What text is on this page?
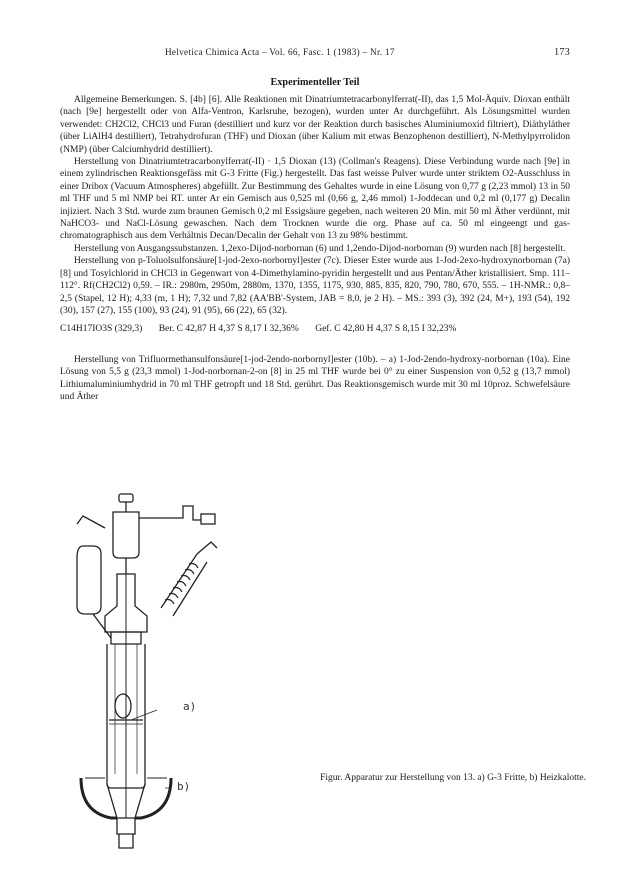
Helvetica Chimica Acta – Vol. 66, Fasc. 1 (1983) – Nr. 17	173
Experimenteller Teil

Allgemeine Bemerkungen. S. [4b] [6]. Alle Reaktionen mit Dinatriumtetracarbonylferrat(-II), das 1,5 Mol-Äquiv. Dioxan enthält (nach [9e] hergestellt oder von Alfa-Ventron, Karlsruhe, bezogen), wurden unter Ar durchgeführt. Als Lösungsmittel wurden verwendet: CH2Cl2, CHCl3 und Furan (destilliert und kurz vor der Reaktion durch basisches Aluminiumoxid filtriert), Diäthyläther (über LiAlH4 destilliert), Tetrahydrofuran (THF) und Dioxan (über Kalium mit etwas Benzophenon destilliert), N-Methylpyrrolidon (NMP) (über Calciumhydrid destilliert).

Herstellung von Dinatriumtetracarbonylferrat(-II) · 1,5 Dioxan (13) (Collman's Reagens). Diese Verbindung wurde nach [9e] in einem zylindrischen Reaktionsgefäss mit G-3 Fritte (Fig.) hergestellt. Das fast weisse Pulver wurde unter striktem O2-Ausschluss in einer Dribox (Vacuum Atmospheres) abgefüllt. Zur Bestimmung des Gehaltes wurde in eine Lösung von 0,77 g (2,23 mmol) 13 in 50 ml THF und 5 ml NMP bei RT. unter Ar ein Gemisch aus 0,525 ml (0,66 g, 2,46 mmol) 1-Joddecan und 0,2 ml (0,177 g) Decalin injiziert. Nach 3 Std. wurde zum braunen Gemisch 0,2 ml Essigsäure gegeben, nach weiteren 20 Min. mit 50 ml Äther verdünnt, mit NaHCO3- und NaCl-Lösung gewaschen. Nach dem Trocknen wurde die org. Phase auf ca. 50 ml eingeengt und gas-chromatographisch aus dem Verhältnis Decan/Decalin der Gehalt von 13 zu 98% bestimmt.

Herstellung von Ausgangssubstanzen. 1,2exo-Dijod-norbornan (6) und 1,2endo-Dijod-norbornan (9) wurden nach [8] hergestellt.

Herstellung von p-Toluolsulfonsäure[1-jod-2exo-norbornyl]ester (7c). Dieser Ester wurde aus 1-Jod-2exo-hydroxynorbornan (7a) [8] und Tosylchlorid in CHCl3 in Gegenwart von 4-Dimethylamino-pyridin hergestellt und aus Pentan/Äther kristallisiert. Smp. 111–112°. Rf(CH2Cl2) 0,59. – IR.: 2980m, 2950m, 2880m, 1370, 1355, 1175, 930, 885, 835, 820, 790, 780, 670, 555. – 1H-NMR.: 0,8–2,5 (Stapel, 12 H); 4,33 (m, 1 H); 7,32 und 7,82 (AA'BB'-System, JAB = 8,0, je 2 H). – MS.: 393 (3), 392 (24, M+), 193 (54), 192 (30), 157 (27), 155 (100), 93 (24), 91 (95), 66 (22), 65 (32).

C14H17IO3S (329,3) Ber. C 42,87 H 4,37 S 8,17 I 32,36% Gef. C 42,80 H 4,37 S 8,15 I 32,23%

Herstellung von Trifluormethansulfonsäure[1-jod-2endo-norbornyl]ester (10b). – a) 1-Jod-2endo-hydroxy-norbornan (10a). Eine Lösung von 5,5 g (23,3 mmol) 1-Jod-norbornan-2-on [8] in 25 ml THF wurde bei 0° zu einer Suspension von 0,52 g (13,7 mmol) Lithiumaluminiumhydrid in 70 ml THF getropft und 18 Std. gerührt. Das Reaktionsgemisch wurde mit 30 ml 10proz. Schwefelsäure und Äther

a)
b)
Figur. Apparatur zur Herstellung von 13. a) G-3 Fritte, b) Heizkalotte.
